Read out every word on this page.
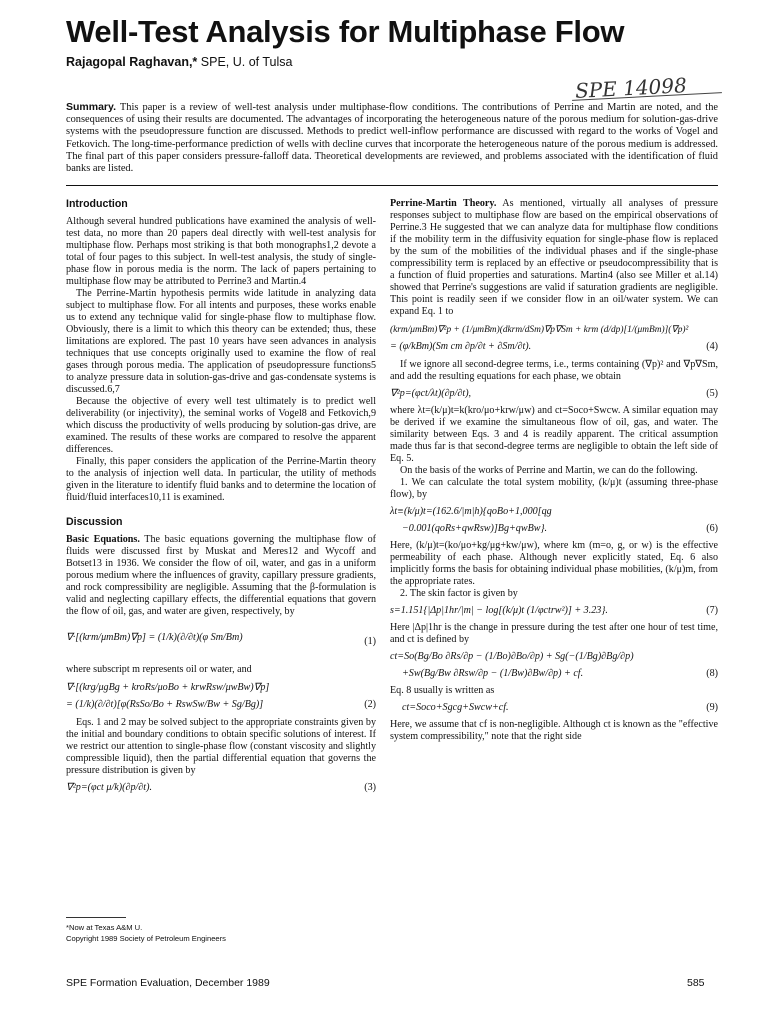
Well-Test Analysis for Multiphase Flow
Rajagopal Raghavan,* SPE, U. of Tulsa
SPE 14098
Summary. This paper is a review of well-test analysis under multiphase-flow conditions. The contributions of Perrine and Martin are noted, and the consequences of using their results are documented. The advantages of incorporating the heterogeneous nature of the porous medium for solution-gas-drive systems with the pseudopressure function are discussed. Methods to predict well-inflow performance are discussed with regard to the works of Vogel and Fetkovich. The long-time-performance prediction of wells with decline curves that incorporate the heterogeneous nature of the porous medium is addressed. The final part of this paper considers pressure-falloff data. Theoretical developments are reviewed, and problems associated with the identification of fluid banks are listed.
Introduction

Although several hundred publications have examined the analysis of well-test data, no more than 20 papers deal directly with well-test analysis for multiphase flow. Perhaps most striking is that both monographs1,2 devote a total of four pages to this subject. In well-test analysis, the study of single-phase flow in porous media is the norm. The lack of papers pertaining to multiphase flow may be attributed to Perrine3 and Martin.4

The Perrine-Martin hypothesis permits wide latitude in analyzing data subject to multiphase flow. For all intents and purposes, these works enable us to extend any technique valid for single-phase flow to multiphase flow. Obviously, there is a limit to which this theory can be extended; thus, these limitations are explored. The past 10 years have seen advances in analysis techniques that use concepts originally used to examine the flow of real gases through porous media. The application of pseudopressure functions5 to analyze pressure data in solution-gas-drive and gas-condensate systems is discussed.6,7

Because the objective of every well test ultimately is to predict well deliverability (or injectivity), the seminal works of Vogel8 and Fetkovich,9 which discuss the productivity of wells producing by solution-gas drive, are examined. The results of these works are compared to resolve the apparent differences.

Finally, this paper considers the application of the Perrine-Martin theory to the analysis of injection well data. In particular, the utility of methods given in the literature to identify fluid banks and to determine the location of fluid/fluid interfaces10,11 is examined.

Discussion

Basic Equations. The basic equations governing the multiphase flow of fluids were discussed first by Muskat and Meres12 and Wycoff and Botset13 in 1936. We consider the flow of oil, water, and gas in a uniform porous medium where the influences of gravity, capillary pressure gradients, and rock compressibility are negligible. Assuming that the β-formulation is valid and neglecting capillary effects, the differential equations that govern the flow of oil, gas, and water are given, respectively, by

∇·[(krm/μmBm)∇p] = (1/k)(∂/∂t)(φ Sm/Bm)	(1)

where subscript m represents oil or water, and

∇·[(krg/μgBg + kroRs/μoBo + krwRsw/μwBw)∇p]
= (1/k)(∂/∂t)[φ(RsSo/Bo + RswSw/Bw + Sg/Bg)]	(2)

Eqs. 1 and 2 may be solved subject to the appropriate constraints given by the initial and boundary conditions to obtain specific solutions of interest. If we restrict our attention to single-phase flow (constant viscosity and slightly compressible liquid), then the partial differential equation that governs the pressure distribution is given by

∇²p=(φct μ/k)(∂p/∂t).	(3)

Perrine-Martin Theory. As mentioned, virtually all analyses of pressure responses subject to multiphase flow are based on the empirical observations of Perrine.3 He suggested that we can analyze data for multiphase flow conditions if the mobility term in the diffusivity equation for single-phase flow is replaced by the sum of the mobilities of the individual phases and if the single-phase compressibility term is replaced by an effective or pseudocompressibility that is a function of fluid properties and saturations. Martin4 (also see Miller et al.14) showed that Perrine's suggestions are valid if saturation gradients are negligible. This point is readily seen if we consider flow in an oil/water system. We can expand Eq. 1 to

(krm/μmBm)∇²p + (1/μmBm)(dkrm/dSm)∇p∇Sm + krm (d/dp)[1/(μmBm)](∇p)²
= (φ/kBm)(Sm cm ∂p/∂t + ∂Sm/∂t).	(4)

If we ignore all second-degree terms, i.e., terms containing (∇p)² and ∇p∇Sm, and add the resulting equations for each phase, we obtain

∇²p=(φct/λt)(∂p/∂t),	(5)

where λt=(k/μ)t=k(kro/μo+krw/μw) and ct=Soco+Swcw. A similar equation may be derived if we examine the simultaneous flow of oil, gas, and water. The similarity between Eqs. 3 and 4 is readily apparent. The critical assumption made thus far is that second-degree terms are negligible to obtain the left side of Eq. 5.

On the basis of the works of Perrine and Martin, we can do the following.

1. We can calculate the total system mobility, (k/μ)t (assuming three-phase flow), by

λt≡(k/μ)t=(162.6/|m|h){qoBo+1,000[qg
−0.001(qoRs+qwRsw)]Bg+qwBw}.	(6)

Here, (k/μ)t=(ko/μo+kg/μg+kw/μw), where km (m=o, g, or w) is the effective permeability of each phase. Although never explicitly stated, Eq. 6 also implicitly forms the basis for obtaining individual phase mobilities, (k/μ)m, from the appropriate rates.

2. The skin factor is given by

s=1.151{|Δp|1hr/|m| − log[(k/μ)t (1/φctrw²)] + 3.23}.	(7)

Here |Δp|1hr is the change in pressure during the test after one hour of test time, and ct is defined by

ct=So(Bg/Bo ∂Rs/∂p − (1/Bo)∂Bo/∂p) + Sg(−(1/Bg)∂Bg/∂p)
+Sw(Bg/Bw ∂Rsw/∂p − (1/Bw)∂Bw/∂p) + cf.	(8)

Eq. 8 usually is written as

ct=Soco+Sgcg+Swcw+cf.	(9)

Here, we assume that cf is non-negligible. Although ct is known as the "effective system compressibility," note that the right side

*Now at Texas A&M U.
Copyright 1989 Society of Petroleum Engineers
SPE Formation Evaluation, December 1989	585
